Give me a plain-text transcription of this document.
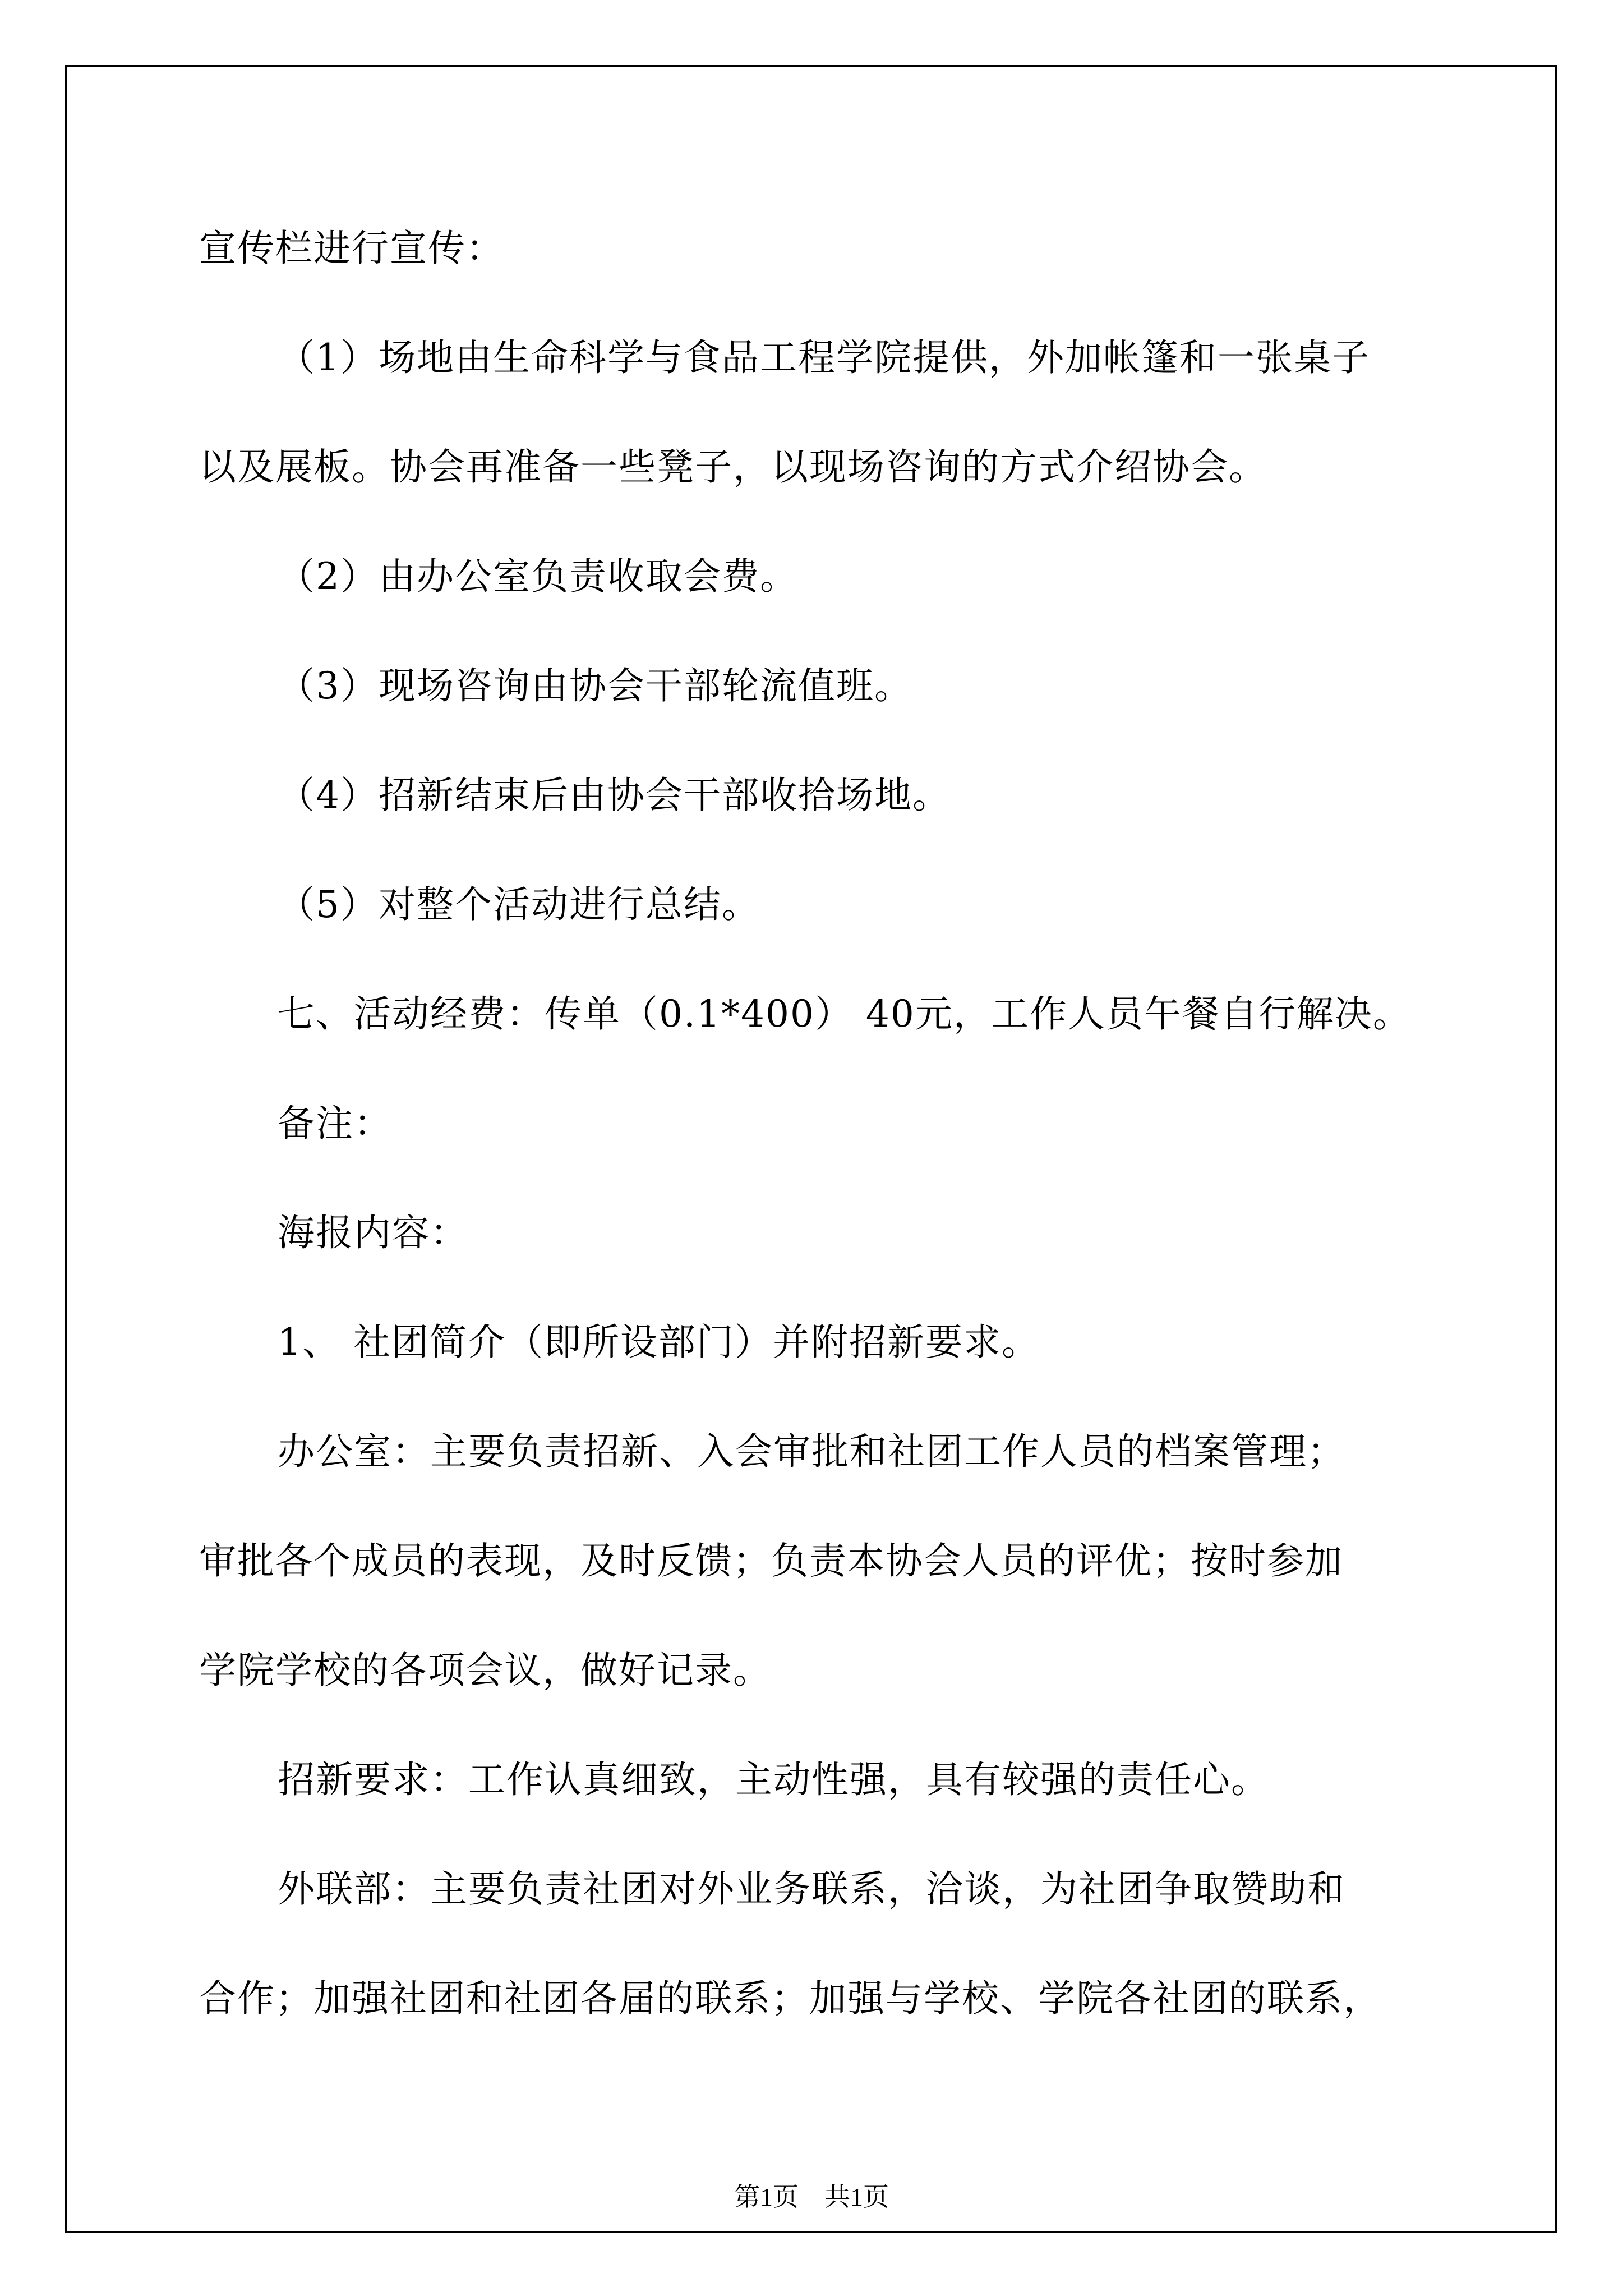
宣传栏进行宣传：
（1）场地由生命科学与食品工程学院提供，外加帐篷和一张桌子
以及展板。协会再准备一些凳子，以现场咨询的方式介绍协会。
（2）由办公室负责收取会费。
（3）现场咨询由协会干部轮流值班。
（4）招新结束后由协会干部收拾场地。
（5）对整个活动进行总结。
七、活动经费：传单（0.1*400） 40元，工作人员午餐自行解决。
备注：
海报内容：
1、 社团简介（即所设部门）并附招新要求。
办公室：主要负责招新、入会审批和社团工作人员的档案管理；
审批各个成员的表现，及时反馈；负责本协会人员的评优；按时参加
学院学校的各项会议，做好记录。
招新要求：工作认真细致，主动性强，具有较强的责任心。
外联部：主要负责社团对外业务联系，洽谈，为社团争取赞助和
合作；加强社团和社团各届的联系；加强与学校、学院各社团的联系，
第1页　共1页
